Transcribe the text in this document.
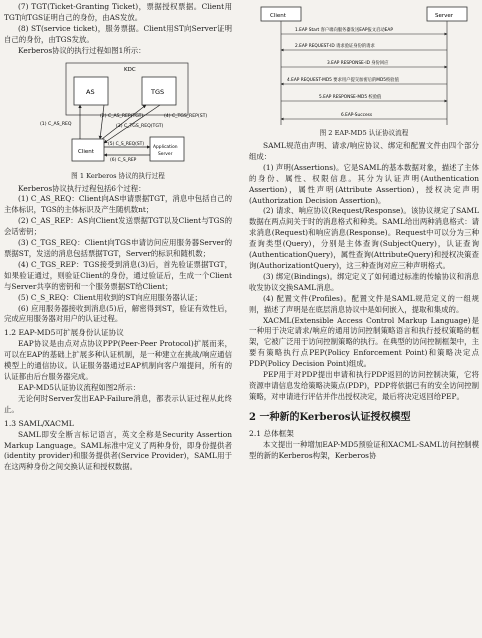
(7) TGT(Ticket-Granting Ticket)，票据授权票据。Client用TGT向TGS证明自己的身份，由AS发放。

(8) ST(service ticket)，服务票据。Client用ST向Server证明自己的身份，由TGS发放。

Kerberos协议的执行过程如图1所示：

KDC
AS	TGS
Client
Application
Server
(1) C_AS_REQ
(2) C_AS_REP(TGT)
(3) C_TGS_REQ(TGT)
(4) C_TGS_REP(ST)
(5) C_S_REQ(ST)
(6) C_S_REP
图 1 Kerberos 协议的执行过程

Kerberos协议执行过程包括6个过程：

(1) C_AS_REQ：Client向AS申请票据TGT，消息中包括自己的主体标识，TGS的主体标识及产生随机数nt；

(2) C_AS_REP：AS向Client发送票据TGT以及Client与TGS的会话密钥；

(3) C_TGS_REQ：Client向TGS申请访问应用服务器Server的票据ST，发送的消息包括票据TGT，Server的标识和随机数；

(4) C_TGS_REP：TGS接受到消息(3)后，首先验证票据TGT，如果验证通过，则验证Client的身份，通过验证后，生成一个Client与Server共享的密钥和一个服务票据ST给Client；

(5) C_S_REQ：Client用收到的ST向应用服务器认证；

(6) 应用服务器接收到消息(5)后，解密得到ST，验证有效性后，完成应用服务器对用户的认证过程。

1.2 EAP-MD5可扩展身份认证协议

EAP协议是由点对点协议PPP(Peer-Peer Protocol)扩展而来，可以在EAP的基础上扩展多种认证机制，是一种建立在挑战/响应通信模型上的通信协议。认证服务器通过EAP机制向客户端提问，所有的认证都由后台服务器完成。

EAP-MD5认证协议流程如图2所示：

无论何时Server发出EAP-Failure消息，都表示认证过程从此终止。

1.3 SAML/XACML

SAML即安全断言标记语言，英文全称是Security Assertion Markup Language。SAML标准中定义了两种身份，即身份提供者(identity provider)和服务提供者(Service Provider)，SAML用于在这两种身份之间交换认证和授权数据。

Client	Server
1.EAP Start 客户端向服务器发送EAP报文启动EAP
2.EAP REQUEST-ID 请求验证身份的请求
3.EAP RESPONSE-ID 身份回应
4.EAP REQUEST-MD5 要求用户提交加密后的MD5校验值
5.EAP RESPONSE-MD5 校验值
6.EAP-Success
图 2 EAP-MD5 认证协议流程

SAML规范由声明、请求/响应协议、绑定和配置文件由四个部分组成：

(1) 声明(Assertions)。它是SAML的基本数据对象，描述了主体的身份、属性、权限信息。其分为认证声明(Authentication Assertion)，属性声明(Attribute Assertion)，授权决定声明(Authorization Decision Assertion)。

(2) 请求、响应协议(Request/Response)。该协议规定了SAML数据在两点间关于时的消息格式和种类。SAML给出两种消息格式：请求消息(Request)和响应消息(Response)。Request中可以分为三种查询类型(Query)，分别是主体查询(SubjectQuery)，认证查询(AuthenticationQuery)，属性查询(AttributeQuery)和授权决策查询(AuthorizationtQuery)，这三种查询对应三种声明格式。

(3) 绑定(Bindings)。绑定定义了如何通过标准的传输协议和消息收发协议交换SAML消息。

(4) 配置文件(Profiles)。配置文件是SAML规范定义的一组规则，描述了声明是在底层消息协议中是如何嵌入，提取和集成的。

XACML(Extensible Access Control Markup Language)是一种用于决定请求/响应的通用访问控制策略语言和执行授权策略的框架，它被广泛用于访问控制策略的执行。在典型的访问控制框架中，主要有策略执行点PEP(Policy Enforcement Point)和策略决定点PDP(Policy Decision Point)组成。

PEP用于对PDP提出申请和执行PDP返回的访问控制决策，它将资源申请信息发给策略决策点(PDP)，PDP将依据已有的安全访问控制策略，对申请进行评估并作出授权决定，最后将决定返回给PEP。

2 一种新的Kerberos认证授权模型
2.1 总体框架

本文提出一种增加EAP-MD5预验证和XACML-SAML访问控制模型的新的Kerberos构架，Kerberos协
